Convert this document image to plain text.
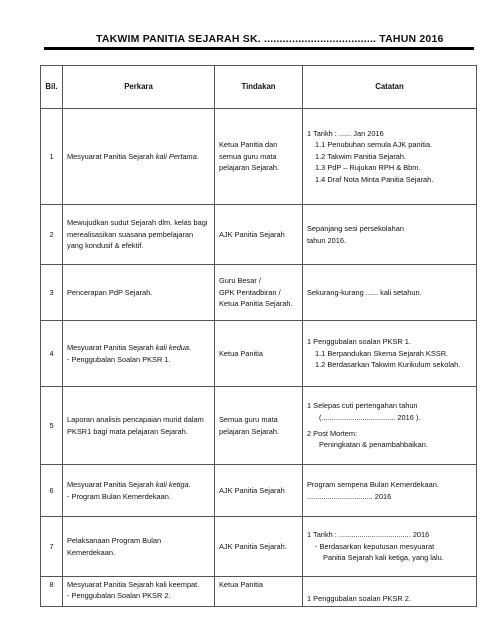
TAKWIM PANITIA SEJARAH SK. .................................... TAHUN 2016
Bil.	Perkara	Tindakan	Catatan
1	Mesyuarat Panitia Sejarah kali Pertama.	Ketua Panitia dan
semua guru mata
pelajaran Sejarah.	1 Tarikh : ...... Jan 2016
1.1 Penubuhan semula AJK panitia.
1.2 Takwim Panitia Sejarah.
1.3 PdP – Rujukan RPH & Bbm.
1.4 Draf Nota Minta Panitia Sejarah.

2	Mewujudkan sudut Sejarah dlm. kelas bagi
merealisasikan suasana pembelajaran
yang kondusif & efektif.	AJK Panitia Sejarah	Sepanjang sesi persekolahan
tahun 2016.

3	Pencerapan PdP Sejarah.	Guru Besar /
GPK Pentadbiran /
Ketua Panitia Sejarah.	Sekurang-kurang ...... kali setahun.

4	Mesyuarat Panitia Sejarah kali kedua.
- Penggubalan Soalan PKSR 1.	Ketua Panitia	1 Penggubalan soalan PKSR 1.
1.1 Berpandukan Skema Sejarah KSSR.
1.2 Berdasarkan Takwim Kurikulum sekolah.

5	Laporan analisis pencapaian murid dalam
PKSR1 bagi mata pelajaran Sejarah.	Semua guru mata
pelajaran Sejarah.	1 Selepas cuti pertengahan tahun
(.................................... 2016 ).
2 Post Mortem:
Peningkatan & penambahbaikan.

6	Mesyuarat Panitia Sejarah kali ketiga.
- Program Bulan Kemerdekaan.	AJK Panitia Sejarah	Program sempena Bulan Kemerdekaan.
................................ 2016

7	Pelaksanaan Program Bulan
Kemerdekaan.	AJK Panitia Sejarah.	1 Tarikh : ................................... 2016
- Berdasarkan keputusan mesyuarat
Panitia Sejarah kali ketiga, yang lalu.

8	Mesyuarat Panitia Sejarah kali keempat.
- Penggubalan Soalan PKSR 2.	Ketua Panitia	1 Penggubalan soalan PKSR 2.
